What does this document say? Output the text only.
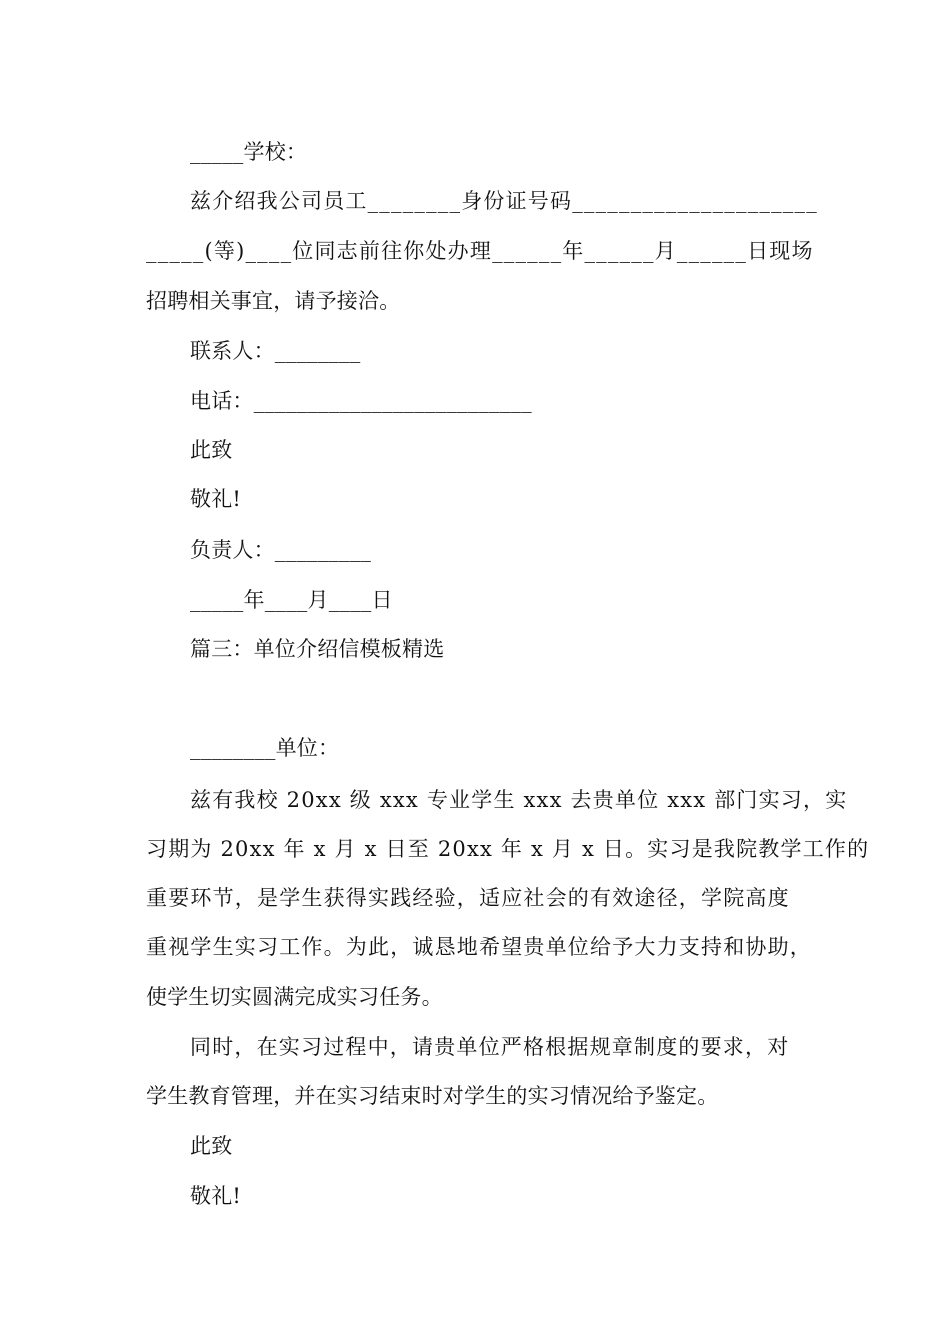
_____学校：
兹介绍我公司员工________身份证号码_____________________
_____(等)____位同志前往你处办理______年______月______日现场
招聘相关事宜，请予接洽。
联系人：________
电话：__________________________
此致
敬礼!
负责人：_________
_____年____月____日
篇三：单位介绍信模板精选
________单位：
兹有我校 20xx 级 xxx 专业学生 xxx 去贵单位 xxx 部门实习，实
习期为 20xx 年 x 月 x 日至 20xx 年 x 月 x 日。实习是我院教学工作的
重要环节，是学生获得实践经验，适应社会的有效途径，学院高度
重视学生实习工作。为此，诚恳地希望贵单位给予大力支持和协助，
使学生切实圆满完成实习任务。
同时，在实习过程中，请贵单位严格根据规章制度的要求，对
学生教育管理，并在实习结束时对学生的实习情况给予鉴定。
此致
敬礼!
